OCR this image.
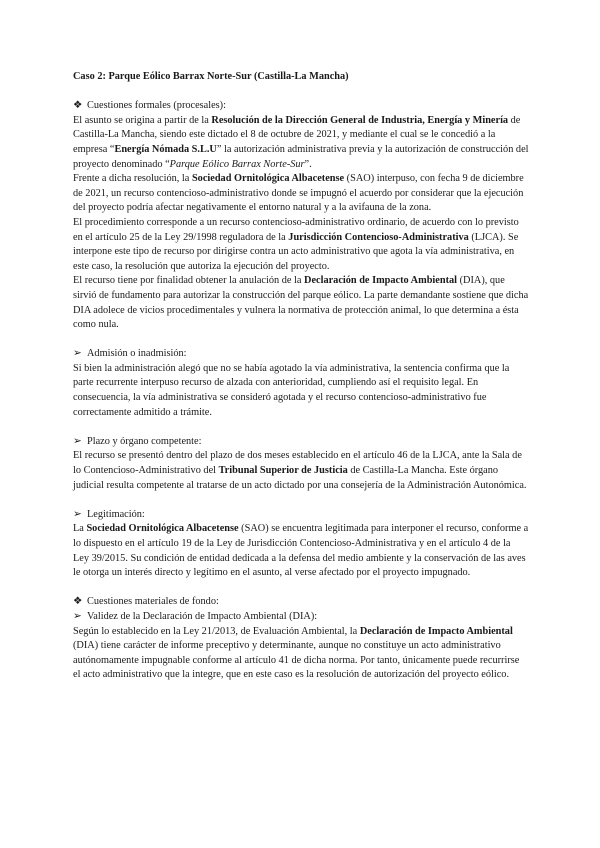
Caso 2: Parque Eólico Barrax Norte-Sur (Castilla-La Mancha)

❖ Cuestiones formales (procesales):

El asunto se origina a partir de la Resolución de la Dirección General de Industria, Energía y Minería de Castilla-La Mancha, siendo este dictado el 8 de octubre de 2021, y mediante el cual se le concedió a la empresa “Energía Nómada S.L.U” la autorización administrativa previa y la autorización de construcción del proyecto denominado “Parque Eólico Barrax Norte-Sur”.

Frente a dicha resolución, la Sociedad Ornitológica Albacetense (SAO) interpuso, con fecha 9 de diciembre de 2021, un recurso contencioso-administrativo donde se impugnó el acuerdo por considerar que la ejecución del proyecto podría afectar negativamente el entorno natural y a la avifauna de la zona.

El procedimiento corresponde a un recurso contencioso-administrativo ordinario, de acuerdo con lo previsto en el artículo 25 de la Ley 29/1998 reguladora de la Jurisdicción Contencioso-Administrativa (LJCA). Se interpone este tipo de recurso por dirigirse contra un acto administrativo que agota la vía administrativa, en este caso, la resolución que autoriza la ejecución del proyecto.

El recurso tiene por finalidad obtener la anulación de la Declaración de Impacto Ambiental (DIA), que sirvió de fundamento para autorizar la construcción del parque eólico. La parte demandante sostiene que dicha DIA adolece de vicios procedimentales y vulnera la normativa de protección animal, lo que determina a ésta como nula.

➢ Admisión o inadmisión:

Si bien la administración alegó que no se había agotado la vía administrativa, la sentencia confirma que la parte recurrente interpuso recurso de alzada con anterioridad, cumpliendo así el requisito legal. En consecuencia, la vía administrativa se consideró agotada y el recurso contencioso-administrativo fue correctamente admitido a trámite.

➢ Plazo y órgano competente:

El recurso se presentó dentro del plazo de dos meses establecido en el artículo 46 de la LJCA, ante la Sala de lo Contencioso-Administrativo del Tribunal Superior de Justicia de Castilla-La Mancha. Este órgano judicial resulta competente al tratarse de un acto dictado por una consejería de la Administración Autonómica.

➢ Legitimación:

La Sociedad Ornitológica Albacetense (SAO) se encuentra legitimada para interponer el recurso, conforme a lo dispuesto en el artículo 19 de la Ley de Jurisdicción Contencioso-Administrativa y en el artículo 4 de la Ley 39/2015. Su condición de entidad dedicada a la defensa del medio ambiente y la conservación de las aves le otorga un interés directo y legítimo en el asunto, al verse afectado por el proyecto impugnado.

❖ Cuestiones materiales de fondo:

➢ Validez de la Declaración de Impacto Ambiental (DIA):

Según lo establecido en la Ley 21/2013, de Evaluación Ambiental, la Declaración de Impacto Ambiental (DIA) tiene carácter de informe preceptivo y determinante, aunque no constituye un acto administrativo autónomamente impugnable conforme al artículo 41 de dicha norma. Por tanto, únicamente puede recurrirse el acto administrativo que la integre, que en este caso es la resolución de autorización del proyecto eólico.
